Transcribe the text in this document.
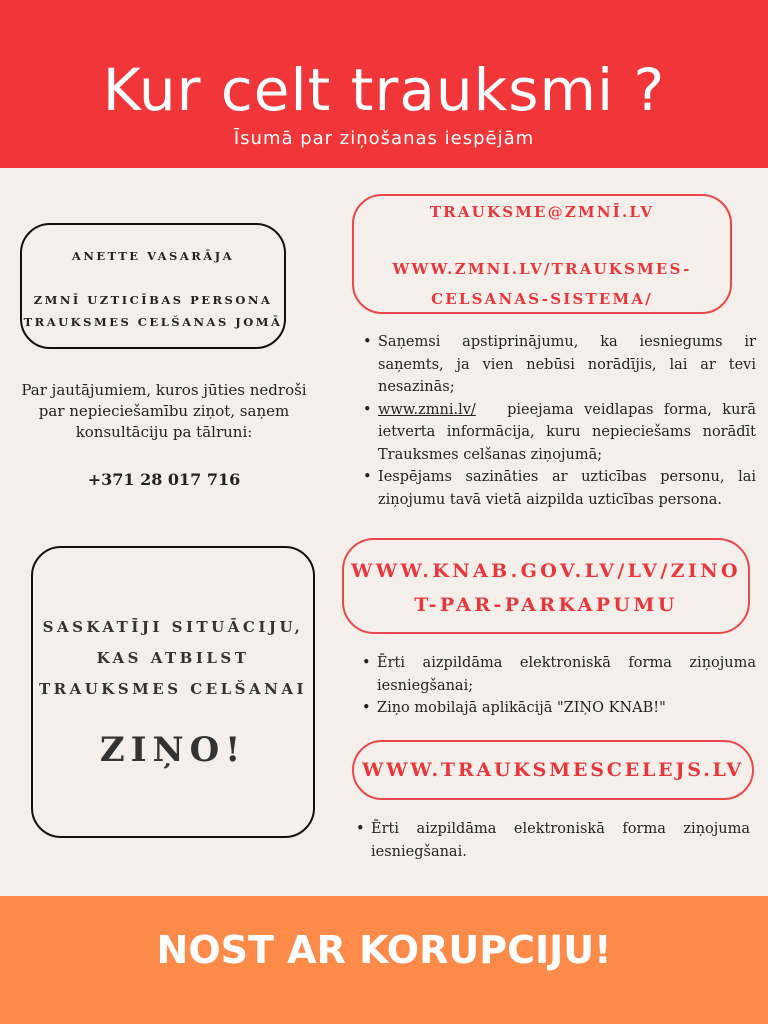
Kur celt trauksmi ?
Īsumā par ziņošanas iespējām
ANETTE VASARĀJA
ZMNĪ UZTICĪBAS PERSONA
TRAUKSMES CELŠANAS JOMĀ
Par jautājumiem, kuros jūties nedroši par nepieciešamību ziņot, saņem konsultāciju pa tālruni:
+371 28 017 716
SASKATĪJI SITUĀCIJU,
KAS ATBILST
TRAUKSMES CELŠANAI
ZIŅO!
TRAUKSME@ZMNĪ.LV
WWW.ZMNI.LV/TRAUKSMES-
CELSANAS-SISTEMA/
• Saņemsi apstiprinājumu, ka iesniegums ir saņemts, ja vien nebūsi norādījis, lai ar tevi nesazinās;
• www.zmni.lv/ pieejama veidlapas forma, kurā ietverta informācija, kuru nepieciešams norādīt Trauksmes celšanas ziņojumā;
• Iespējams sazināties ar uzticības personu, lai ziņojumu tavā vietā aizpilda uzticības persona.
WWW.KNAB.GOV.LV/LV/ZINO
T-PAR-PARKAPUMU
• Ērti aizpildāma elektroniskā forma ziņojuma iesniegšanai;
• Ziņo mobilajā aplikācijā "ZIŅO KNAB!"
WWW.TRAUKSMESCELEJS.LV
• Ērti aizpildāma elektroniskā forma ziņojuma iesniegšanai.
NOST AR KORUPCIJU!
